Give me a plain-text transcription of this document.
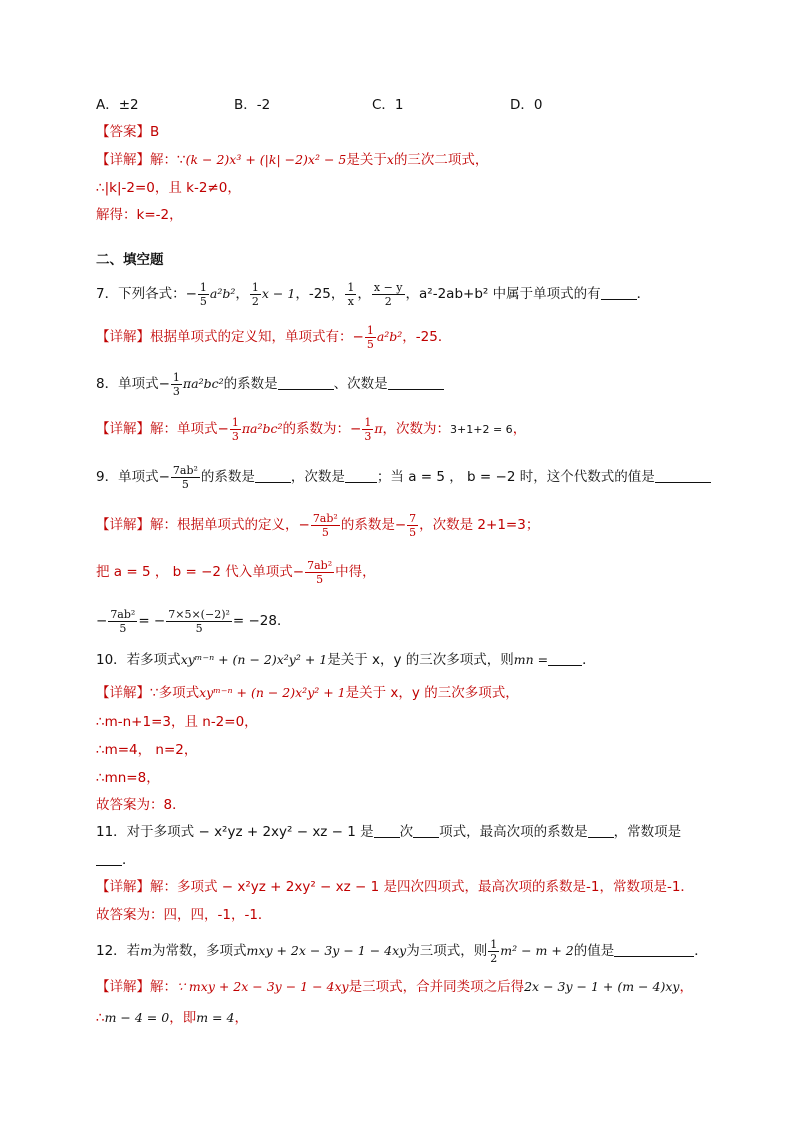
A．±2	B．-2	C．1	D．0
【答案】B
【详解】解：∵(k − 2)x³ + (|k| −2)x² − 5是关于x的三次二项式，
∴|k|-2=0，且 k-2≠0，
解得：k=-2，
二、填空题
7．下列各式：− $\frac{1}{5} a^2b^2$， $\frac{1}{2}$ x − 1，-25， $\frac{1}{x}$ ， $\frac{x - y}{2}$ ，a²-2ab+b² 中属于单项式的有	．
【详解】根据单项式的定义知，单项式有：− $\frac{1}{5} a^2b^2$，-25．
8．单项式− $\frac{1}{3} \pi a^2bc^2$的系数是	、次数是
【详解】解：单项式− $\frac{1}{3} \pi a^2bc^2$的系数为：− $\frac{1}{3}$ π，次数为：3+1+2 = 6，
9．单项式− $\frac{\text{7ab²}}{5}$ 的系数是	，次数是 ；当 a = 5 ， b = −2 时，这个代数式的值是
【详解】解：根据单项式的定义，− $\frac{\text{7ab²}}{5}$ 的系数是− $\frac{7}{5}$ ，次数是 2+1=3；
把 a = 5 ， b = −2 代入单项式− $\frac{\text{7ab²}}{5}$ 中得，
− $\frac{\text{7ab²}}{5}$ = − $\frac{\text{7×5×(−2)²}}{5} = -28$．
10．若多项式xyᵐ⁻ⁿ + (n − 2)x²y² + 1是关于 x，y 的三次多项式，则mn =	．
【详解】∵多项式xyᵐ⁻ⁿ + (n − 2)x²y² + 1是关于 x，y 的三次多项式，
∴m-n+1=3，且 n-2=0，
∴m=4， n=2，
∴mn=8，
故答案为：8．
11．对于多项式 − x²yz + 2xy² − xz − 1 是 次 项式，最高次项的系数是 ，常数项是
．
【详解】解：多项式 − x²yz + 2xy² − xz − 1 是四次四项式，最高次项的系数是-1，常数项是-1．
故答案为：四，四，-1，-1．
12．若m为常数，多项式mxy + 2x − 3y − 1 − 4xy为三项式，则 $\frac{1}{2} m^2 - m + 2$的值是	．
【详解】解：∵ mxy + 2x − 3y − 1 − 4xy是三项式，合并同类项之后得2x − 3y − 1 + (m − 4)xy，
∴m − 4 = 0，即m = 4，
